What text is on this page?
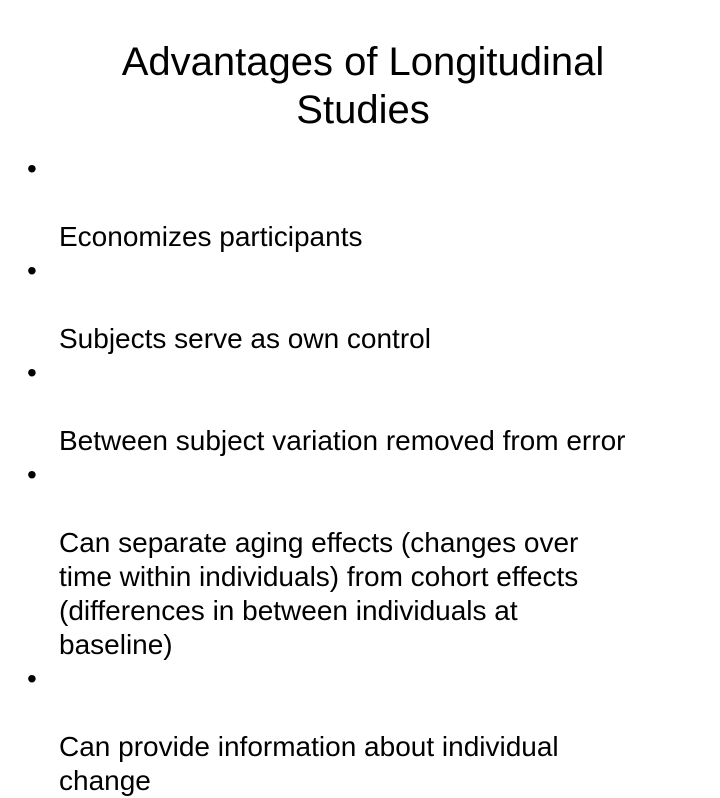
Advantages of Longitudinal
Studies

•

Economizes participants

•

Subjects serve as own control

•

Between subject variation removed from error

•

Can separate aging effects (changes over
time within individuals) from cohort effects
(differences in between individuals at
baseline)

•

Can provide information about individual
change
